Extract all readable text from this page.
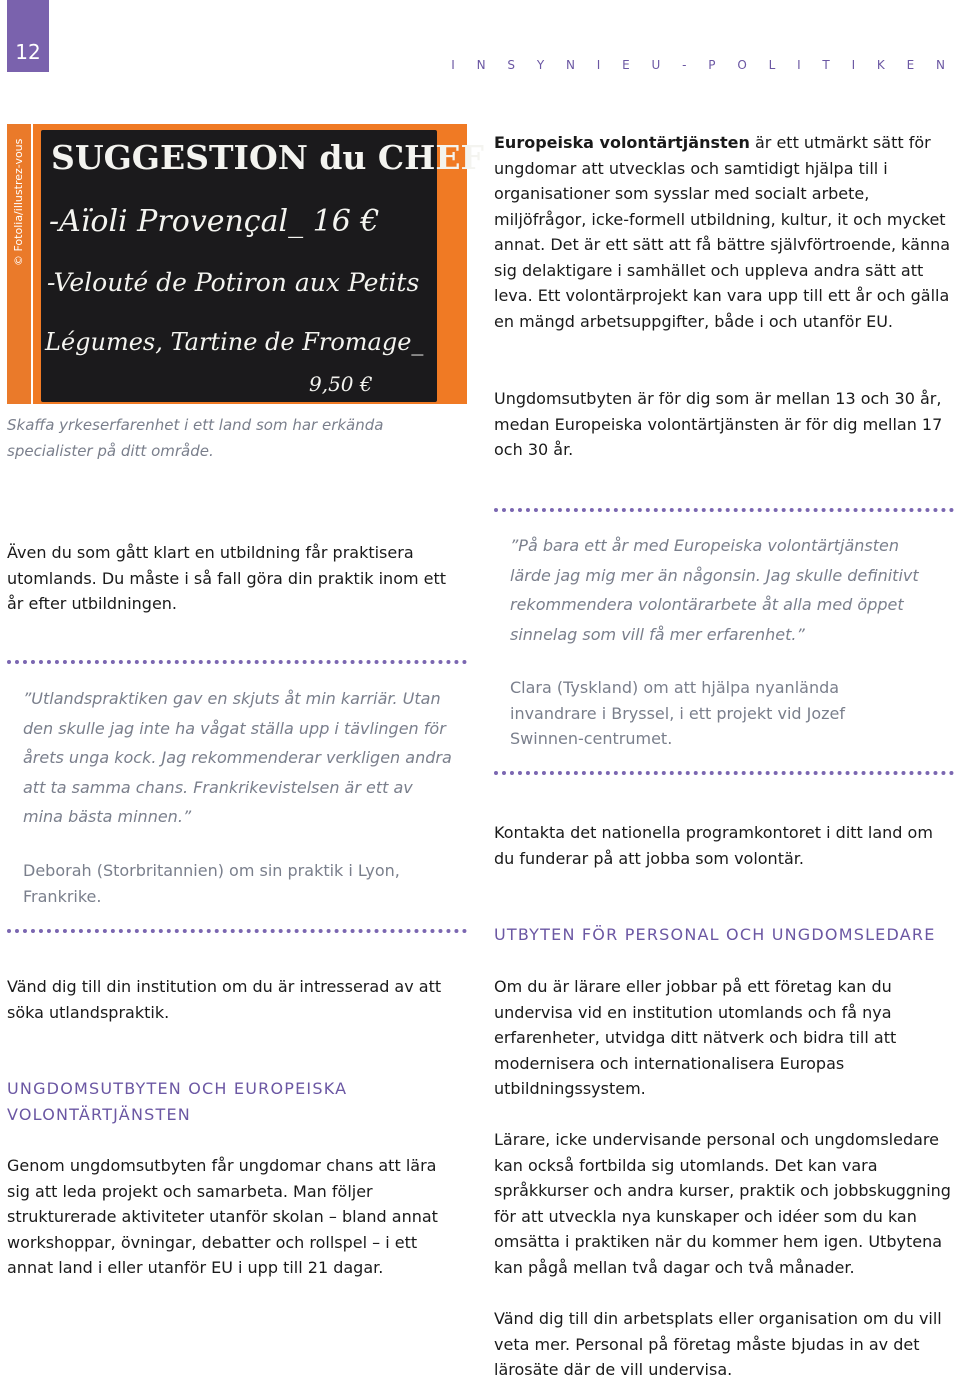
12
I N S Y N I E U - P O L I T I K E N
© Fotolia/illustrez-vous SUGGESTION du CHEF
-Aïoli Provençal_ 16 €
-Velouté de Potiron aux Petits
Légumes, Tartine de Fromage_
9,50 €
Skaffa yrkeserfarenhet i ett land som har erkända specialister på ditt område.
Europeiska volontärtjänsten är ett utmärkt sätt för ungdomar att utvecklas och samtidigt hjälpa till i organisationer som sysslar med socialt arbete, miljöfrågor, icke-formell utbildning, kultur, it och mycket annat. Det är ett sätt att få bättre självförtroende, känna sig delaktigare i samhället och uppleva andra sätt att leva. Ett volontärprojekt kan vara upp till ett år och gälla en mängd arbetsuppgifter, både i och utanför EU.
Ungdomsutbyten är för dig som är mellan 13 och 30 år, medan Europeiska volontärtjänsten är för dig mellan 17 och 30 år.
Även du som gått klart en utbildning får praktisera utomlands. Du måste i så fall göra din praktik inom ett år efter utbildningen.
”Utlandspraktiken gav en skjuts åt min karriär. Utan den skulle jag inte ha vågat ställa upp i tävlingen för årets unga kock. Jag rekommenderar verkligen andra att ta samma chans. Frankrikevistelsen är ett av mina bästa minnen.”
Deborah (Storbritannien) om sin praktik i Lyon, Frankrike.
Vänd dig till din institution om du är intresserad av att söka utlandspraktik.
UNGDOMSUTBYTEN OCH EUROPEISKA VOLONTÄRTJÄNSTEN
Genom ungdomsutbyten får ungdomar chans att lära sig att leda projekt och samarbeta. Man följer strukturerade aktiviteter utanför skolan – bland annat workshoppar, övningar, debatter och rollspel – i ett annat land i eller utanför EU i upp till 21 dagar.
”På bara ett år med Europeiska volontärtjänsten lärde jag mig mer än någonsin. Jag skulle definitivt rekommendera volontärarbete åt alla med öppet sinnelag som vill få mer erfarenhet.”
Clara (Tyskland) om att hjälpa nyanlända invandrare i Bryssel, i ett projekt vid Jozef Swinnen-centrumet.
Kontakta det nationella programkontoret i ditt land om du funderar på att jobba som volontär.
UTBYTEN FÖR PERSONAL OCH UNGDOMSLEDARE
Om du är lärare eller jobbar på ett företag kan du undervisa vid en institution utomlands och få nya erfarenheter, utvidga ditt nätverk och bidra till att modernisera och internationalisera Europas utbildningssystem.
Lärare, icke undervisande personal och ungdomsledare kan också fortbilda sig utomlands. Det kan vara språkkurser och andra kurser, praktik och jobbskuggning för att utveckla nya kunskaper och idéer som du kan omsätta i praktiken när du kommer hem igen. Utbytena kan pågå mellan två dagar och två månader.
Vänd dig till din arbetsplats eller organisation om du vill veta mer. Personal på företag måste bjudas in av det lärosäte där de vill undervisa.
